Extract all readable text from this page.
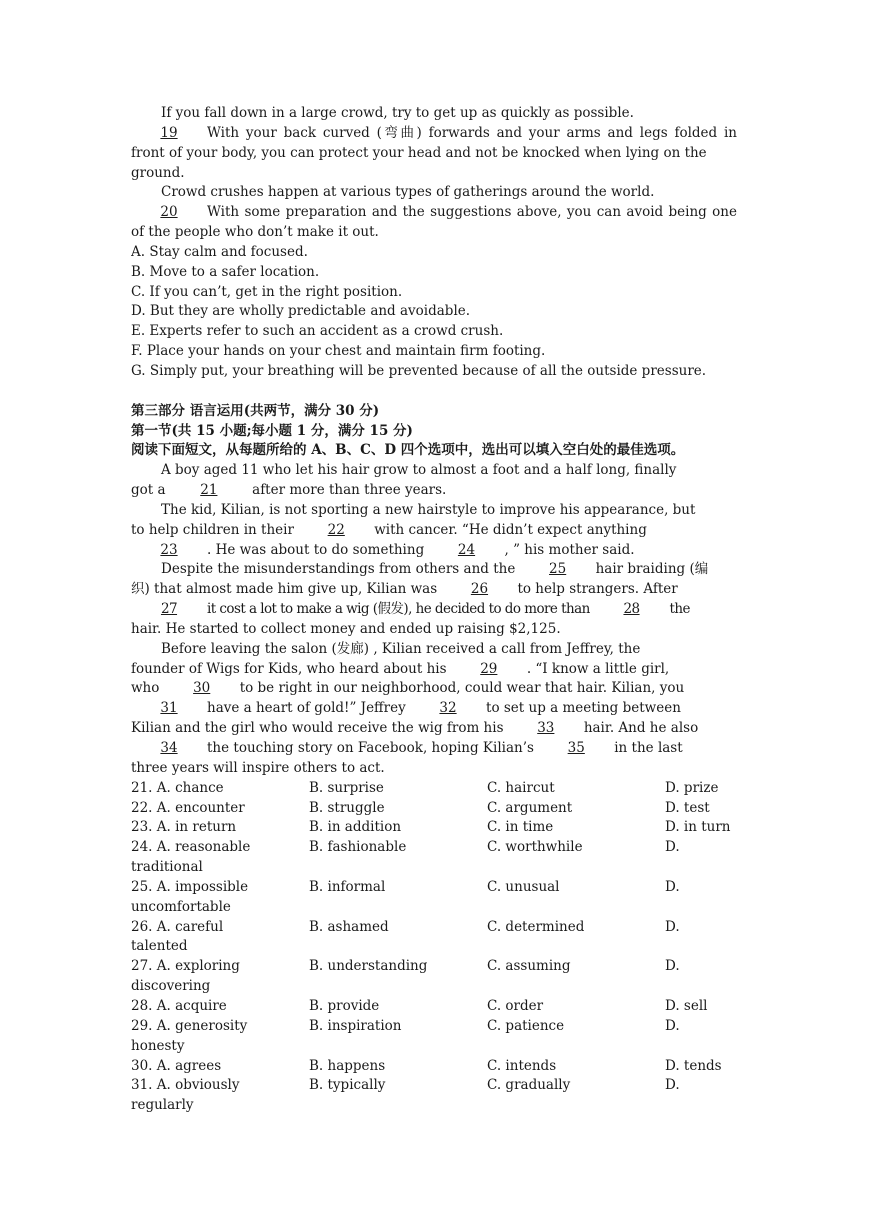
If you fall down in a large crowd, try to get up as quickly as possible.
19	With your back curved (弯曲) forwards and your arms and legs folded in
front of your body, you can protect your head and not be knocked when lying on the
ground.
Crowd crushes happen at various types of gatherings around the world.
20	With some preparation and the suggestions above, you can avoid being one
of the people who don’t make it out.
A. Stay calm and focused.
B. Move to a safer location.
C. If you can’t, get in the right position.
D. But they are wholly predictable and avoidable.
E. Experts refer to such an accident as a crowd crush.
F. Place your hands on your chest and maintain firm footing.
G. Simply put, your breathing will be prevented because of all the outside pressure.

第三部分 语言运用(共两节，满分 30 分)
第一节(共 15 小题;每小题 1 分，满分 15 分)
阅读下面短文，从每题所给的 A、B、C、D 四个选项中，选出可以填入空白处的最佳选项。
A boy aged 11 who let his hair grow to almost a foot and a half long, finally
got a	21	after more than three years.
The kid, Kilian, is not sporting a new hairstyle to improve his appearance, but
to help children in their 22 with cancer. “He didn’t expect anything
23 . He was about to do something 24 , ” his mother said.
Despite the misunderstandings from others and the 25 hair braiding (编
织) that almost made him give up, Kilian was 26 to help strangers. After
27 it cost a lot to make a wig (假发), he decided to do more than 28 the
hair. He started to collect money and ended up raising $2,125.
Before leaving the salon (发廊) , Kilian received a call from Jeffrey, the
founder of Wigs for Kids, who heard about his 29 . “I know a little girl,
who 30 to be right in our neighborhood, could wear that hair. Kilian, you
31 have a heart of gold!” Jeffrey 32 to set up a meeting between
Kilian and the girl who would receive the wig from his 33 hair. And he also
34 the touching story on Facebook, hoping Kilian’s 35 in the last
three years will inspire others to act.
21. A. chance	B. surprise	C. haircut	D. prize
22. A. encounter	B. struggle	C. argument	D. test
23. A. in return	B. in addition	C. in time	D. in turn
24. A. reasonable	B. fashionable	C. worthwhile	D.
traditional
25. A. impossible	B. informal	C. unusual	D.
uncomfortable
26. A. careful	B. ashamed	C. determined	D.
talented
27. A. exploring	B. understanding	C. assuming	D.
discovering
28. A. acquire	B. provide	C. order	D. sell
29. A. generosity	B. inspiration	C. patience	D.
honesty
30. A. agrees	B. happens	C. intends	D. tends
31. A. obviously	B. typically	C. gradually	D.
regularly
